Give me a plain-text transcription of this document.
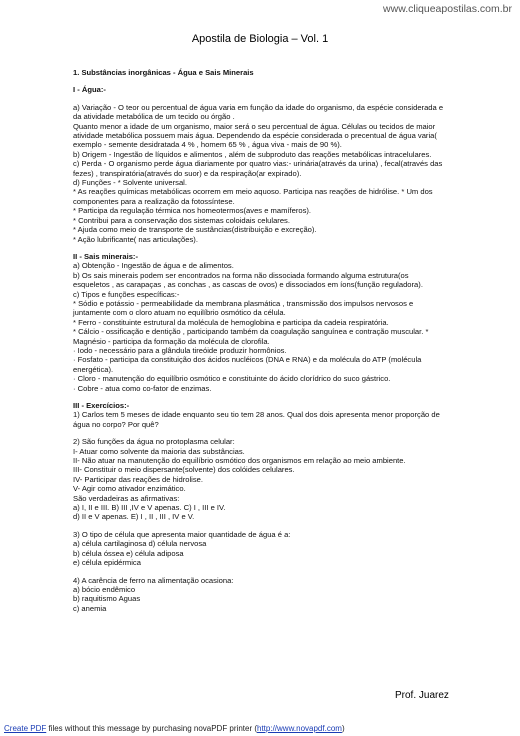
www.cliqueapostilas.com.br
Apostila de Biologia – Vol. 1

1. Substâncias inorgânicas - Água e Sais Minerais

I - Água:-

a) Variação - O teor ou percentual de água varia em função da idade do organismo, da espécie considerada e

da atividade metabólica de um tecido ou órgão .

Quanto menor a idade de um organismo, maior será o seu percentual de água. Células ou tecidos de maior

atividade metabólica possuem mais água. Dependendo da espécie considerada o precentual de água varia(

exemplo - semente desidratada 4 % , homem 65 % , água viva - mais de 90 %).

b) Origem - Ingestão de líquidos e alimentos , além de subproduto das reações metabólicas intracelulares.

c) Perda - O organismo perde água diariamente por quatro vias:- urinária(através da urina) , fecal(através das

fezes) , transpiratória(através do suor) e da respiração(ar expirado).

d) Funções - * Solvente universal.

* As reações químicas metabólicas ocorrem em meio aquoso. Participa nas reações de hidrólise. * Um dos

componentes para a realização da fotossíntese.

* Participa da regulação térmica nos homeotermos(aves e mamíferos).

* Contribui para a conservação dos sistemas coloidais celulares.

* Ajuda como meio de transporte de sustâncias(distribuição e excreção).

* Ação lubrificante( nas articulações).

II - Sais minerais:-

a) Obtenção - Ingestão de água e de alimentos.

b) Os sais minerais podem ser encontrados na forma não dissociada formando alguma estrutura(os

esqueletos , as carapaças , as conchas , as cascas de ovos) e dissociados em íons(função reguladora).

c) Tipos e funções específicas:-

* Sódio e potássio - permeabilidade da membrana plasmática , transmissão dos impulsos nervosos e

juntamente com o cloro atuam no equilíbrio osmótico da célula.

* Ferro - constituinte estrutural da molécula de hemoglobina e participa da cadeia respiratória.

* Cálcio - ossificação e dentição , participando também da coagulação sanguínea e contração muscular. *

Magnésio - participa da formação da molécula de clorofila.

· Iodo - necessário para a glândula tireóide produzir hormônios.

· Fosfato - participa da constituição dos ácidos nucléicos (DNA e RNA) e da molécula do ATP (molécula

energética).

· Cloro - manutenção do equilíbrio osmótico e constituinte do ácido clorídrico do suco gástrico.

· Cobre - atua como co-fator de enzimas.

III - Exercícios:-

1) Carlos tem 5 meses de idade enquanto seu tio tem 28 anos. Qual dos dois apresenta menor proporção de

água no corpo? Por quê?

2) São funções da água no protoplasma celular:

I- Atuar como solvente da maioria das substâncias.

II- Não atuar na manutenção do equilíbrio osmótico dos organismos em relação ao meio ambiente.

III- Constituir o meio dispersante(solvente) dos colóides celulares.

IV- Participar das reações de hidrolise.

V- Agir como ativador enzimático.

São verdadeiras as afirmativas:

a) I, II e III. B) III ,IV e V apenas. C) I , III e IV.

d) II e V apenas. E) I , II , III , IV e V.

3) O tipo de célula que apresenta maior quantidade de água é a:

a) célula cartilaginosa d) célula nervosa

b) célula óssea e) célula adiposa

e) célula epidérmica

4) A carência de ferro na alimentação ocasiona:

a) bócio endêmico

b) raquitismo Aguas

c) anemia

Prof. Juarez
Create PDF files without this message by purchasing novaPDF printer (http://www.novapdf.com)
